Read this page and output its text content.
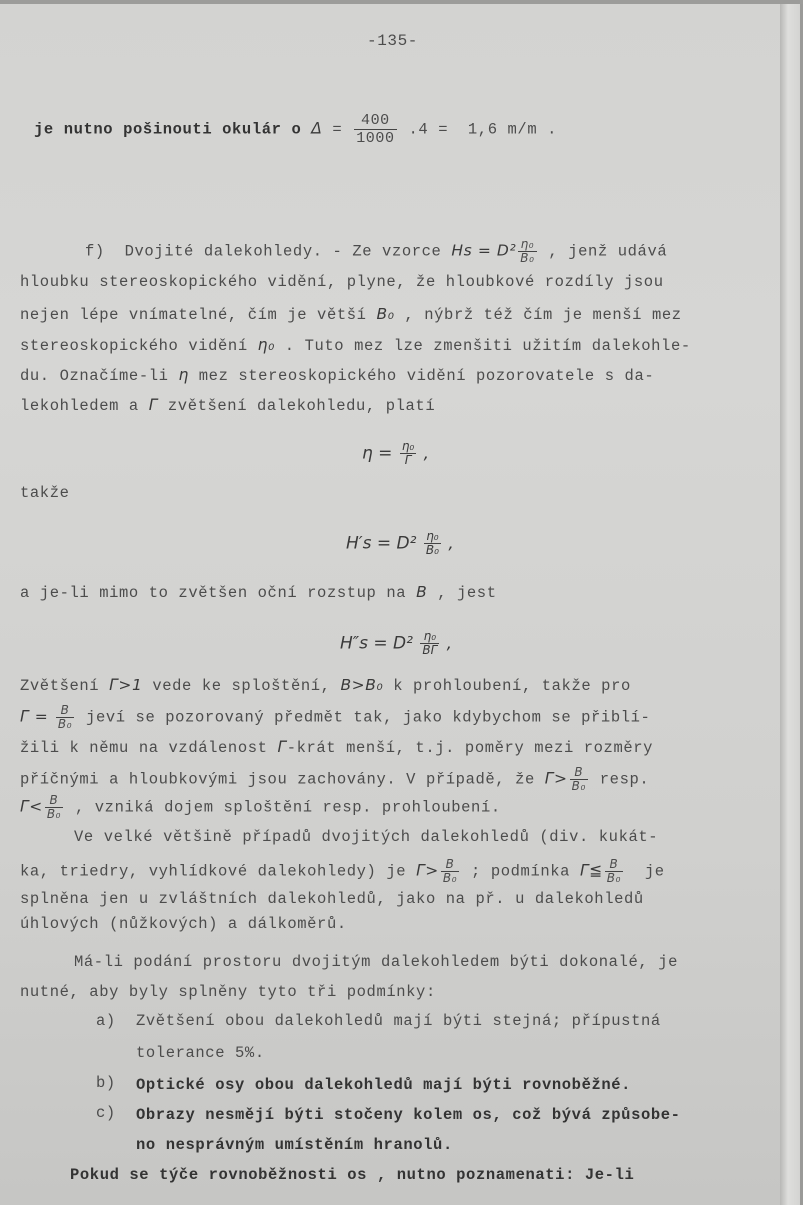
-135-
je nutno pošinouti okulár o $\Delta = \frac{400}{1000} .4 = 1,6$ m/m .
f)  Dvojité dalekohledy. - Ze vzorce $Hs = D^2 \frac{\text{η₀}}{\text{B₀}}$ , jenž udává
hloubku stereoskopického vidění, plyne, že hloubkové rozdíly jsou
nejen lépe vnímatelné, čím je větší B₀ , nýbrž též čím je menší mez
stereoskopického vidění η₀ . Tuto mez lze zmenšiti užitím dalekohle-
du. Označíme-li η mez stereoskopického vidění pozorovatele s da-
lekohledem a Γ zvětšení dalekohledu, platí
$\eta = \frac{\text{η₀}}{\Gamma}$ ,
takže
$H's = D^2 \frac{\text{η₀}}{\text{B₀}}$ ,
a je-li mimo to zvětšen oční rozstup na B , jest
$H''s = D^2 \frac{\text{η₀}}{B\Gamma}$ ,
Zvětšení Γ>1 vede ke sploštění, B>B₀ k prohloubení, takže pro
$\Gamma = \frac{B}{\text{B₀}}$ jeví se pozorovaný předmět tak, jako kdybychom se přiblí-
žili k němu na vzdálenost Γ-krát menší, t.j. poměry mezi rozměry
příčnými a hloubkovými jsou zachovány. V případě, že $\Gamma> \frac{B}{\text{B₀}}$ resp.
$\Gamma< \frac{B}{\text{B₀}}$ , vzniká dojem sploštění resp. prohloubení.
Ve velké většině případů dvojitých dalekohledů (div. kukát-
ka, triedry, vyhlídkové dalekohledy) je $\Gamma> \frac{B}{\text{B₀}}$ ; podmínka Γ≦ $\frac{B}{\text{B₀}}$ je
splněna jen u zvláštních dalekohledů, jako na př. u dalekohledů
úhlových (nůžkových) a dálkoměrů.
Má-li podání prostoru dvojitým dalekohledem býti dokonalé, je
nutné, aby byly splněny tyto tři podmínky:
a) Zvětšení obou dalekohledů mají býti stejná; přípustná
tolerance 5%.
b) Optické osy obou dalekohledů mají býti rovnoběžné.
c) Obrazy nesmějí býti stočeny kolem os, což bývá způsobe-
no nesprávným umístěním hranolů.
Pokud se týče rovnoběžnosti os , nutno poznamenati: Je-li
